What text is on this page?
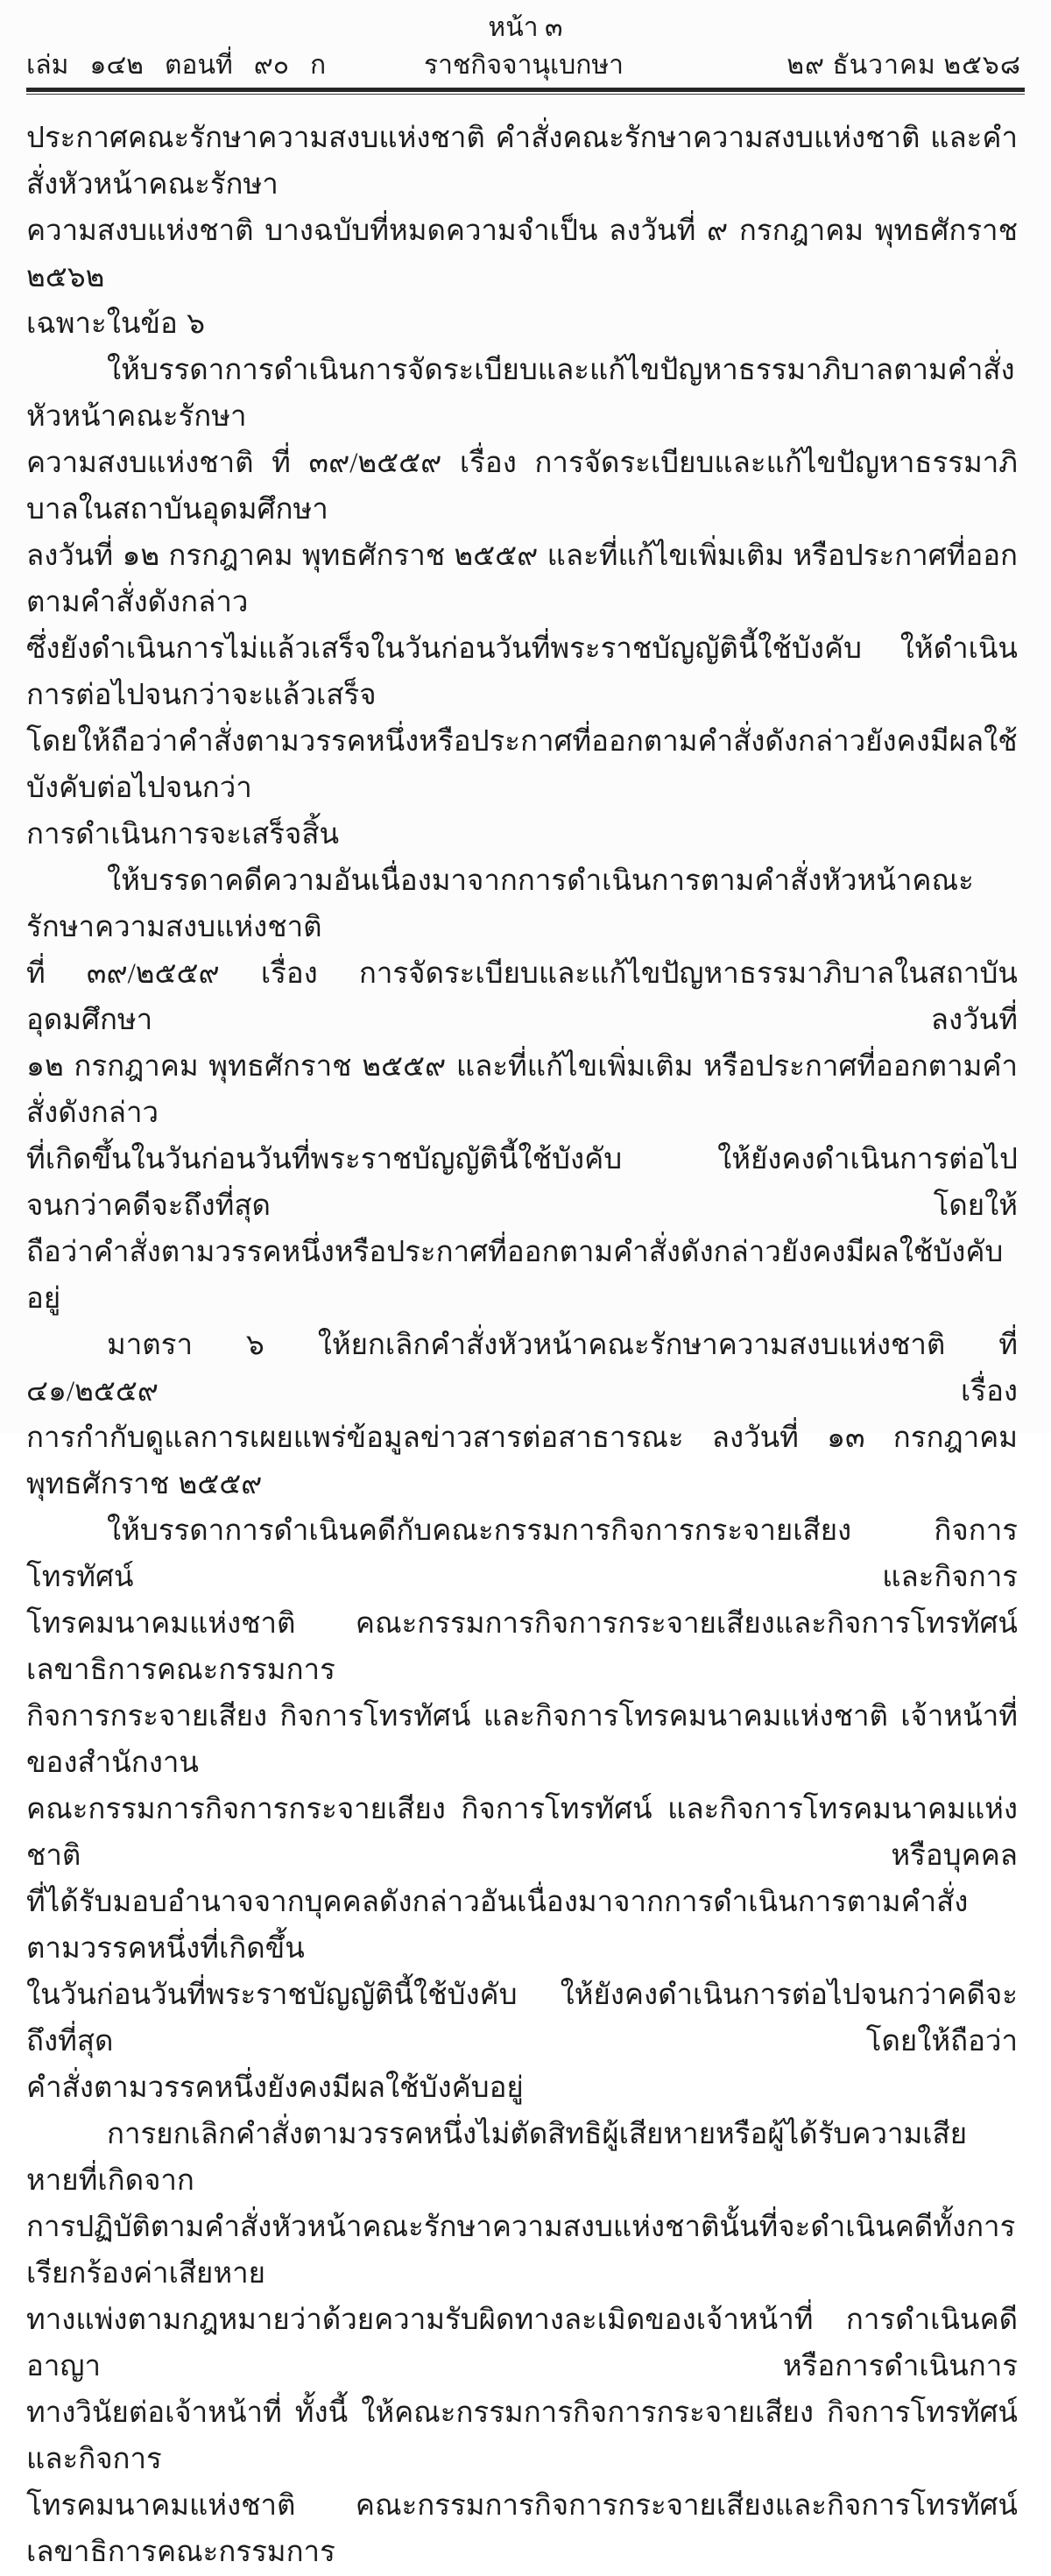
หน้า ๓
เล่ม ๑๔๒ ตอนที่ ๙๐ ก	ราชกิจจานุเบกษา	๒๙ ธันวาคม ๒๕๖๘
ประกาศคณะรักษาความสงบแห่งชาติ คำสั่งคณะรักษาความสงบแห่งชาติ และคำสั่งหัวหน้าคณะรักษา
ความสงบแห่งชาติ บางฉบับที่หมดความจำเป็น ลงวันที่ ๙ กรกฎาคม พุทธศักราช ๒๕๖๒
เฉพาะในข้อ ๖
ให้บรรดาการดำเนินการจัดระเบียบและแก้ไขปัญหาธรรมาภิบาลตามคำสั่งหัวหน้าคณะรักษา
ความสงบแห่งชาติ ที่ ๓๙/๒๕๕๙ เรื่อง การจัดระเบียบและแก้ไขปัญหาธรรมาภิบาลในสถาบันอุดมศึกษา
ลงวันที่ ๑๒ กรกฎาคม พุทธศักราช ๒๕๕๙ และที่แก้ไขเพิ่มเติม หรือประกาศที่ออกตามคำสั่งดังกล่าว
ซึ่งยังดำเนินการไม่แล้วเสร็จในวันก่อนวันที่พระราชบัญญัตินี้ใช้บังคับ ให้ดำเนินการต่อไปจนกว่าจะแล้วเสร็จ
โดยให้ถือว่าคำสั่งตามวรรคหนึ่งหรือประกาศที่ออกตามคำสั่งดังกล่าวยังคงมีผลใช้บังคับต่อไปจนกว่า
การดำเนินการจะเสร็จสิ้น
ให้บรรดาคดีความอันเนื่องมาจากการดำเนินการตามคำสั่งหัวหน้าคณะรักษาความสงบแห่งชาติ
ที่ ๓๙/๒๕๕๙ เรื่อง การจัดระเบียบและแก้ไขปัญหาธรรมาภิบาลในสถาบันอุดมศึกษา ลงวันที่
๑๒ กรกฎาคม พุทธศักราช ๒๕๕๙ และที่แก้ไขเพิ่มเติม หรือประกาศที่ออกตามคำสั่งดังกล่าว
ที่เกิดขึ้นในวันก่อนวันที่พระราชบัญญัตินี้ใช้บังคับ ให้ยังคงดำเนินการต่อไปจนกว่าคดีจะถึงที่สุด โดยให้
ถือว่าคำสั่งตามวรรคหนึ่งหรือประกาศที่ออกตามคำสั่งดังกล่าวยังคงมีผลใช้บังคับอยู่
มาตรา ๖ ให้ยกเลิกคำสั่งหัวหน้าคณะรักษาความสงบแห่งชาติ ที่ ๔๑/๒๕๕๙ เรื่อง
การกำกับดูแลการเผยแพร่ข้อมูลข่าวสารต่อสาธารณะ ลงวันที่ ๑๓ กรกฎาคม พุทธศักราช ๒๕๕๙
ให้บรรดาการดำเนินคดีกับคณะกรรมการกิจการกระจายเสียง กิจการโทรทัศน์ และกิจการ
โทรคมนาคมแห่งชาติ คณะกรรมการกิจการกระจายเสียงและกิจการโทรทัศน์ เลขาธิการคณะกรรมการ
กิจการกระจายเสียง กิจการโทรทัศน์ และกิจการโทรคมนาคมแห่งชาติ เจ้าหน้าที่ของสำนักงาน
คณะกรรมการกิจการกระจายเสียง กิจการโทรทัศน์ และกิจการโทรคมนาคมแห่งชาติ หรือบุคคล
ที่ได้รับมอบอำนาจจากบุคคลดังกล่าวอันเนื่องมาจากการดำเนินการตามคำสั่งตามวรรคหนึ่งที่เกิดขึ้น
ในวันก่อนวันที่พระราชบัญญัตินี้ใช้บังคับ ให้ยังคงดำเนินการต่อไปจนกว่าคดีจะถึงที่สุด โดยให้ถือว่า
คำสั่งตามวรรคหนึ่งยังคงมีผลใช้บังคับอยู่
การยกเลิกคำสั่งตามวรรคหนึ่งไม่ตัดสิทธิผู้เสียหายหรือผู้ได้รับความเสียหายที่เกิดจาก
การปฏิบัติตามคำสั่งหัวหน้าคณะรักษาความสงบแห่งชาตินั้นที่จะดำเนินคดีทั้งการเรียกร้องค่าเสียหาย
ทางแพ่งตามกฎหมายว่าด้วยความรับผิดทางละเมิดของเจ้าหน้าที่ การดำเนินคดีอาญา หรือการดำเนินการ
ทางวินัยต่อเจ้าหน้าที่ ทั้งนี้ ให้คณะกรรมการกิจการกระจายเสียง กิจการโทรทัศน์ และกิจการ
โทรคมนาคมแห่งชาติ คณะกรรมการกิจการกระจายเสียงและกิจการโทรทัศน์ เลขาธิการคณะกรรมการ
